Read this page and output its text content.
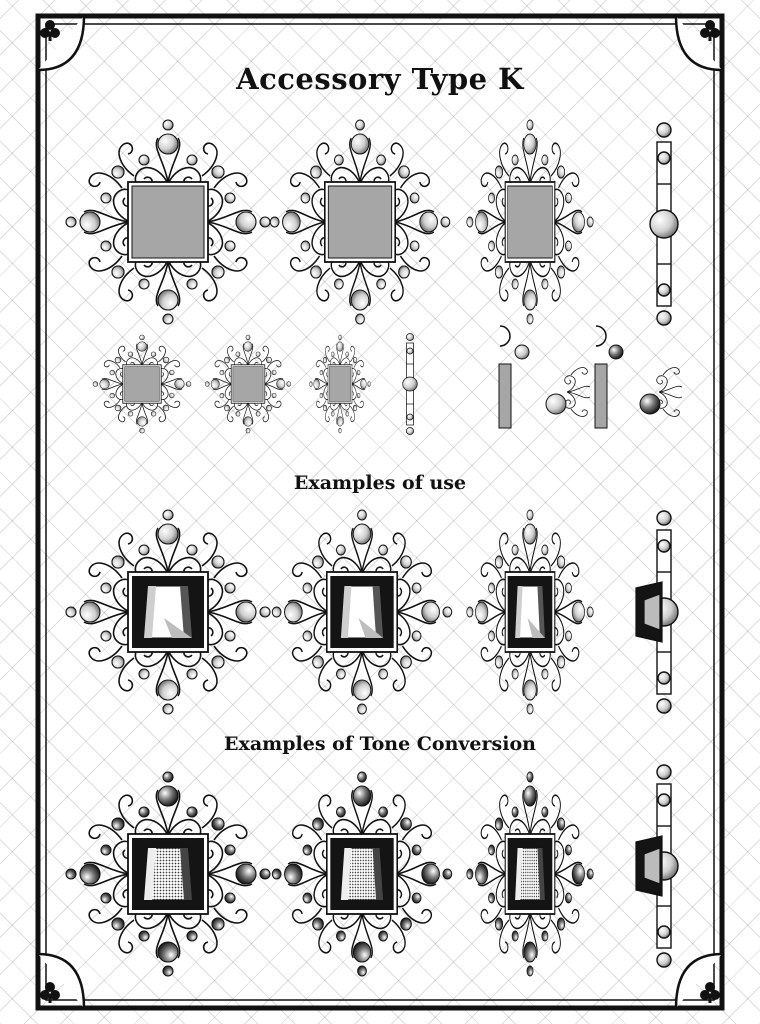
Accessory Type K
Examples of use
Examples of Tone Conversion
